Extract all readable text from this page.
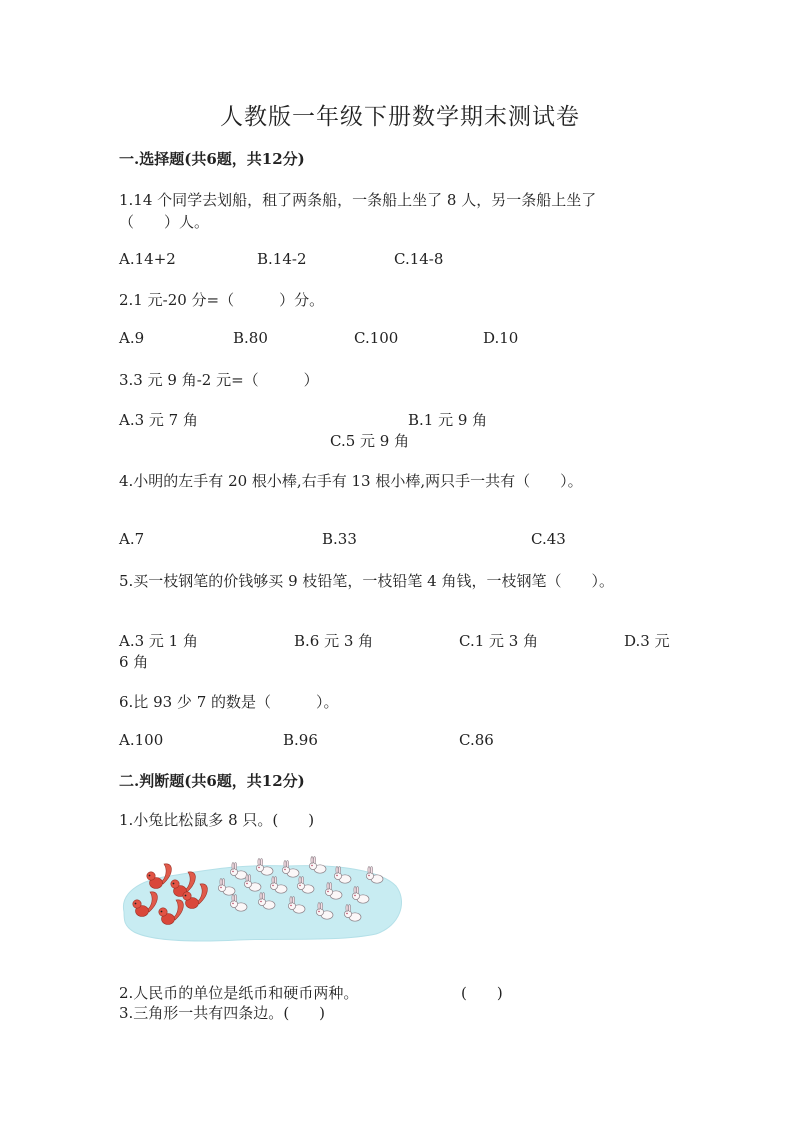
人教版一年级下册数学期末测试卷
一.选择题(共6题，共12分)
1.14 个同学去划船，租了两条船，一条船上坐了 8 人，另一条船上坐了
（　　）人。
A.14+2	B.14-2	C.14-8
2.1 元-20 分=（　　　）分。
A.9	B.80	C.100	D.10
3.3 元 9 角-2 元=（　　　）
A.3 元 7 角	B.1 元 9 角
C.5 元 9 角
4.小明的左手有 20 根小棒,右手有 13 根小棒,两只手一共有（　　）。
A.7	B.33	C.43
5.买一枝钢笔的价钱够买 9 枝铅笔，一枝铅笔 4 角钱，一枝钢笔（　　）。
A.3 元 1 角	B.6 元 3 角	C.1 元 3 角	D.3 元
6 角
6.比 93 少 7 的数是（　　　）。
A.100	B.96	C.86
二.判断题(共6题，共12分)
1.小兔比松鼠多 8 只。(　　)
2.人民币的单位是纸币和硬币两种。	(　　)
3.三角形一共有四条边。(　　)
